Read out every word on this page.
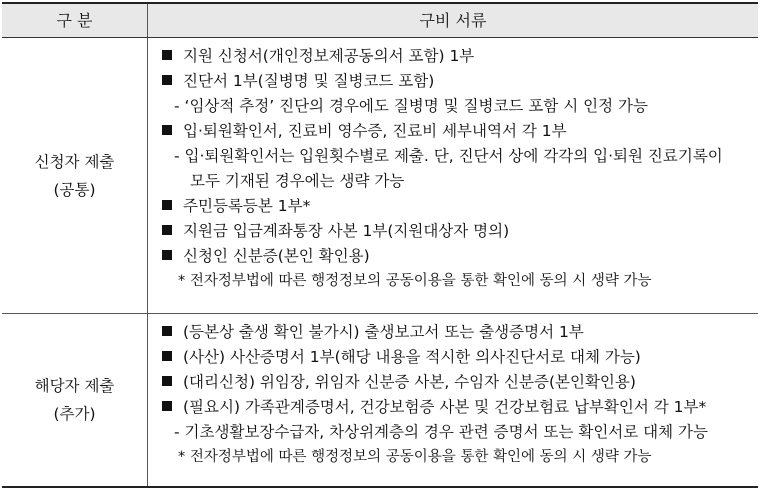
구 분	구비 서류
신청자 제출
(공통)
지원 신청서(개인정보제공동의서 포함) 1부
진단서 1부(질병명 및 질병코드 포함)
- ‘임상적 추정’ 진단의 경우에도 질병명 및 질병코드 포함 시 인정 가능
입·퇴원확인서, 진료비 영수증, 진료비 세부내역서 각 1부
- 입·퇴원확인서는 입원횟수별로 제출. 단, 진단서 상에 각각의 입·퇴원 진료기록이
모두 기재된 경우에는 생략 가능
주민등록등본 1부*
지원금 입금계좌통장 사본 1부(지원대상자 명의)
신청인 신분증(본인 확인용)
* 전자정부법에 따른 행정정보의 공동이용을 통한 확인에 동의 시 생략 가능
해당자 제출
(추가)
(등본상 출생 확인 불가시) 출생보고서 또는 출생증명서 1부
(사산) 사산증명서 1부(해당 내용을 적시한 의사진단서로 대체 가능)
(대리신청) 위임장, 위임자 신분증 사본, 수임자 신분증(본인확인용)
(필요시) 가족관계증명서, 건강보험증 사본 및 건강보험료 납부확인서 각 1부*
- 기초생활보장수급자, 차상위계층의 경우 관련 증명서 또는 확인서로 대체 가능
* 전자정부법에 따른 행정정보의 공동이용을 통한 확인에 동의 시 생략 가능
